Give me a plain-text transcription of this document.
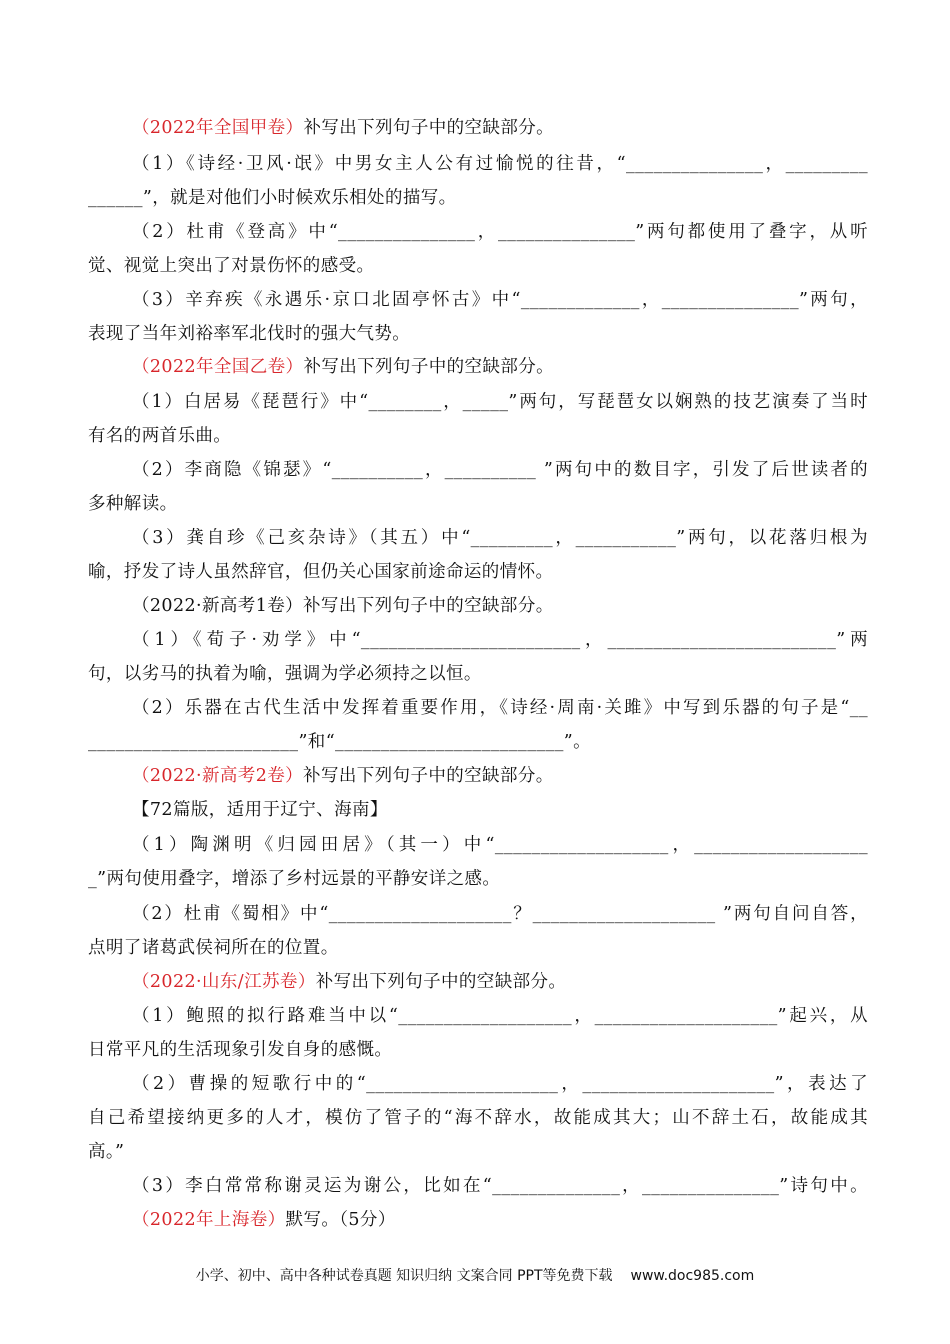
（2022年全国甲卷）补写出下列句子中的空缺部分。
（1）《诗经·卫风·氓》中男女主人公有过愉悦的往昔，“_______________，_________
______”，就是对他们小时候欢乐相处的描写。
（2）杜甫《登高》中“_______________，_______________”两句都使用了叠字，从听
觉、视觉上突出了对景伤怀的感受。
（3）辛弃疾《永遇乐·京口北固亭怀古》中“_____________，_______________”两句，
表现了当年刘裕率军北伐时的强大气势。
（2022年全国乙卷）补写出下列句子中的空缺部分。
（1）白居易《琵琶行》中“________，_____”两句，写琵琶女以娴熟的技艺演奏了当时
有名的两首乐曲。
（2）李商隐《锦瑟》“__________，__________ ”两句中的数目字，引发了后世读者的
多种解读。
（3）龚自珍《己亥杂诗》（其五）中“_________，___________”两句，以花落归根为
喻，抒发了诗人虽然辞官，但仍关心国家前途命运的情怀。
（2022·新高考1卷）补写出下列句子中的空缺部分。
（1）《荀子·劝学》中“________________________，_________________________”两
句，以劣马的执着为喻，强调为学必须持之以恒。
（2）乐器在古代生活中发挥着重要作用，《诗经·周南·关雎》中写到乐器的句子是“__
_______________________”和“_________________________”。
（2022·新高考2卷）补写出下列句子中的空缺部分。
【72篇版，适用于辽宁、海南】
（1）陶渊明《归园田居》（其一）中“___________________，___________________
_”两句使用叠字，增添了乡村远景的平静安详之感。
（2）杜甫《蜀相》中“____________________？____________________ ”两句自问自答，
点明了诸葛武侯祠所在的位置。
（2022·山东/江苏卷）补写出下列句子中的空缺部分。
（1）鲍照的拟行路难当中以“___________________，____________________”起兴，从
日常平凡的生活现象引发自身的感慨。
（2）曹操的短歌行中的“_____________________，_____________________”，表达了
自己希望接纳更多的人才，模仿了管子的“海不辞水，故能成其大；山不辞土石，故能成其
高。”
（3）李白常常称谢灵运为谢公，比如在“______________，_______________”诗句中。
（2022年上海卷）默写。（5分）
小学、初中、高中各种试卷真题 知识归纳 文案合同 PPT等免费下载 www.doc985.com
